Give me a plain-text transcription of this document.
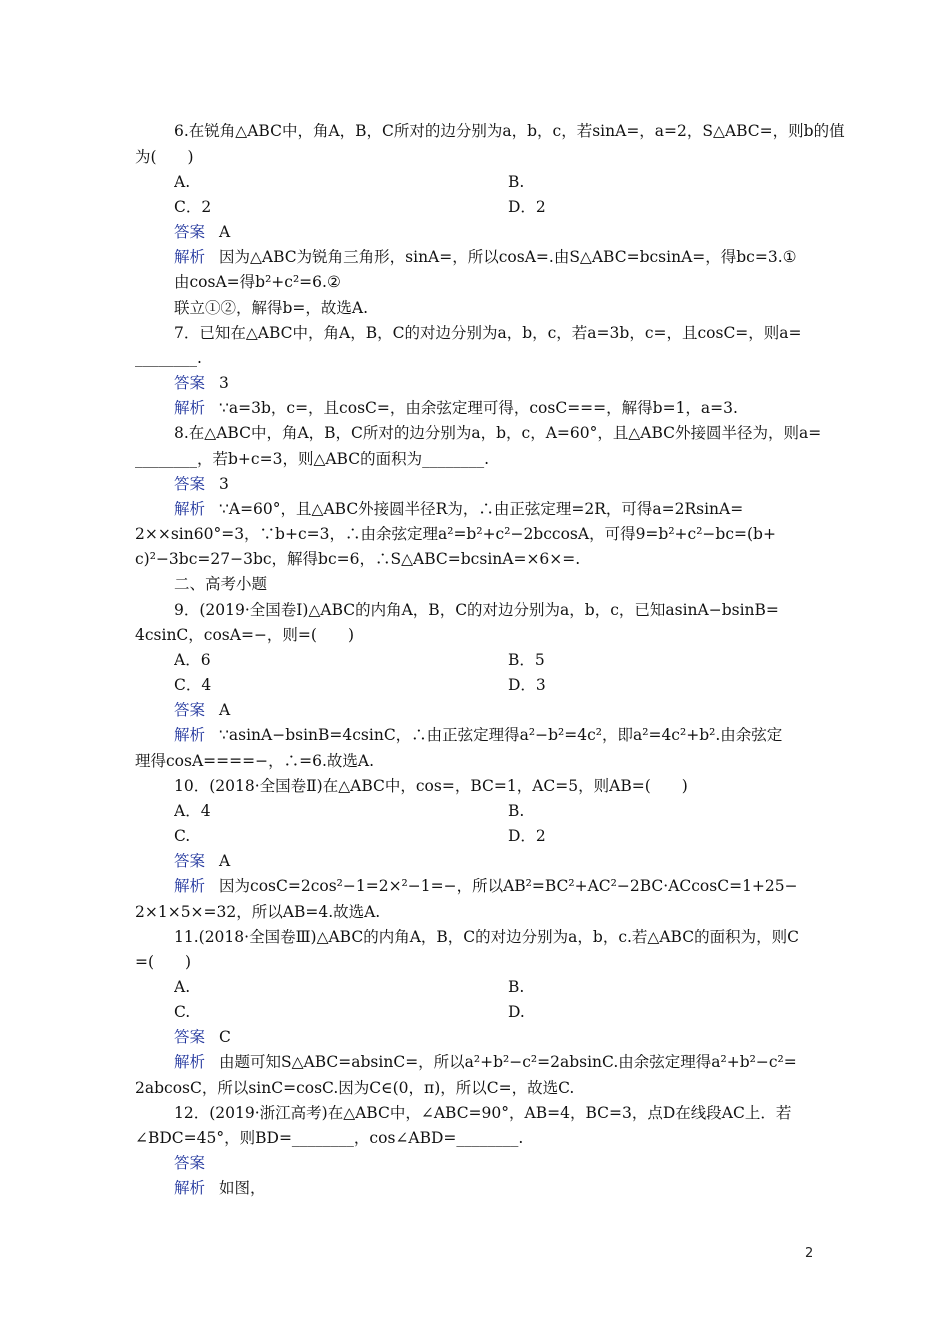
6.在锐角△ABC中，角A，B，C所对的边分别为a，b，c，若sinA=，a=2，S△ABC=，则b的值
为(　　)
A.	B.
C．2	D．2
答案 A
解析 因为△ABC为锐角三角形，sinA=，所以cosA=.由S△ABC=bcsinA=，得bc=3.①
由cosA=得b²+c²=6.②
联立①②，解得b=，故选A.
7．已知在△ABC中，角A，B，C的对边分别为a，b，c，若a=3b，c=，且cosC=，则a=
________.
答案 3
解析 ∵a=3b，c=，且cosC=，由余弦定理可得，cosC===，解得b=1，a=3.
8.在△ABC中，角A，B，C所对的边分别为a，b，c，A=60°，且△ABC外接圆半径为，则a=
________，若b+c=3，则△ABC的面积为________.
答案 3
解析 ∵A=60°，且△ABC外接圆半径R为，∴由正弦定理=2R，可得a=2RsinA=
2××sin60°=3，∵b+c=3，∴由余弦定理a²=b²+c²−2bccosA，可得9=b²+c²−bc=(b+
c)²−3bc=27−3bc，解得bc=6，∴S△ABC=bcsinA=×6×=.
二、高考小题
9．(2019·全国卷Ⅰ)△ABC的内角A，B，C的对边分别为a，b，c，已知asinA−bsinB=
4csinC，cosA=−，则=(　　)
A．6	B．5
C．4	D．3
答案 A
解析 ∵asinA−bsinB=4csinC，∴由正弦定理得a²−b²=4c²，即a²=4c²+b².由余弦定
理得cosA====−，∴=6.故选A.
10．(2018·全国卷Ⅱ)在△ABC中，cos=，BC=1，AC=5，则AB=(　　)
A．4	B.
C.	D．2
答案 A
解析 因为cosC=2cos²−1=2×²−1=−，所以AB²=BC²+AC²−2BC·ACcosC=1+25−
2×1×5×=32，所以AB=4.故选A.
11.(2018·全国卷Ⅲ)△ABC的内角A，B，C的对边分别为a，b，c.若△ABC的面积为，则C
=(　　)
A.	B.
C.	D.
答案 C
解析 由题可知S△ABC=absinC=，所以a²+b²−c²=2absinC.由余弦定理得a²+b²−c²=
2abcosC，所以sinC=cosC.因为C∈(0，π)，所以C=，故选C.
12．(2019·浙江高考)在△ABC中，∠ABC=90°，AB=4，BC=3，点D在线段AC上．若
∠BDC=45°，则BD=________，cos∠ABD=________.
答案
解析 如图，
2
